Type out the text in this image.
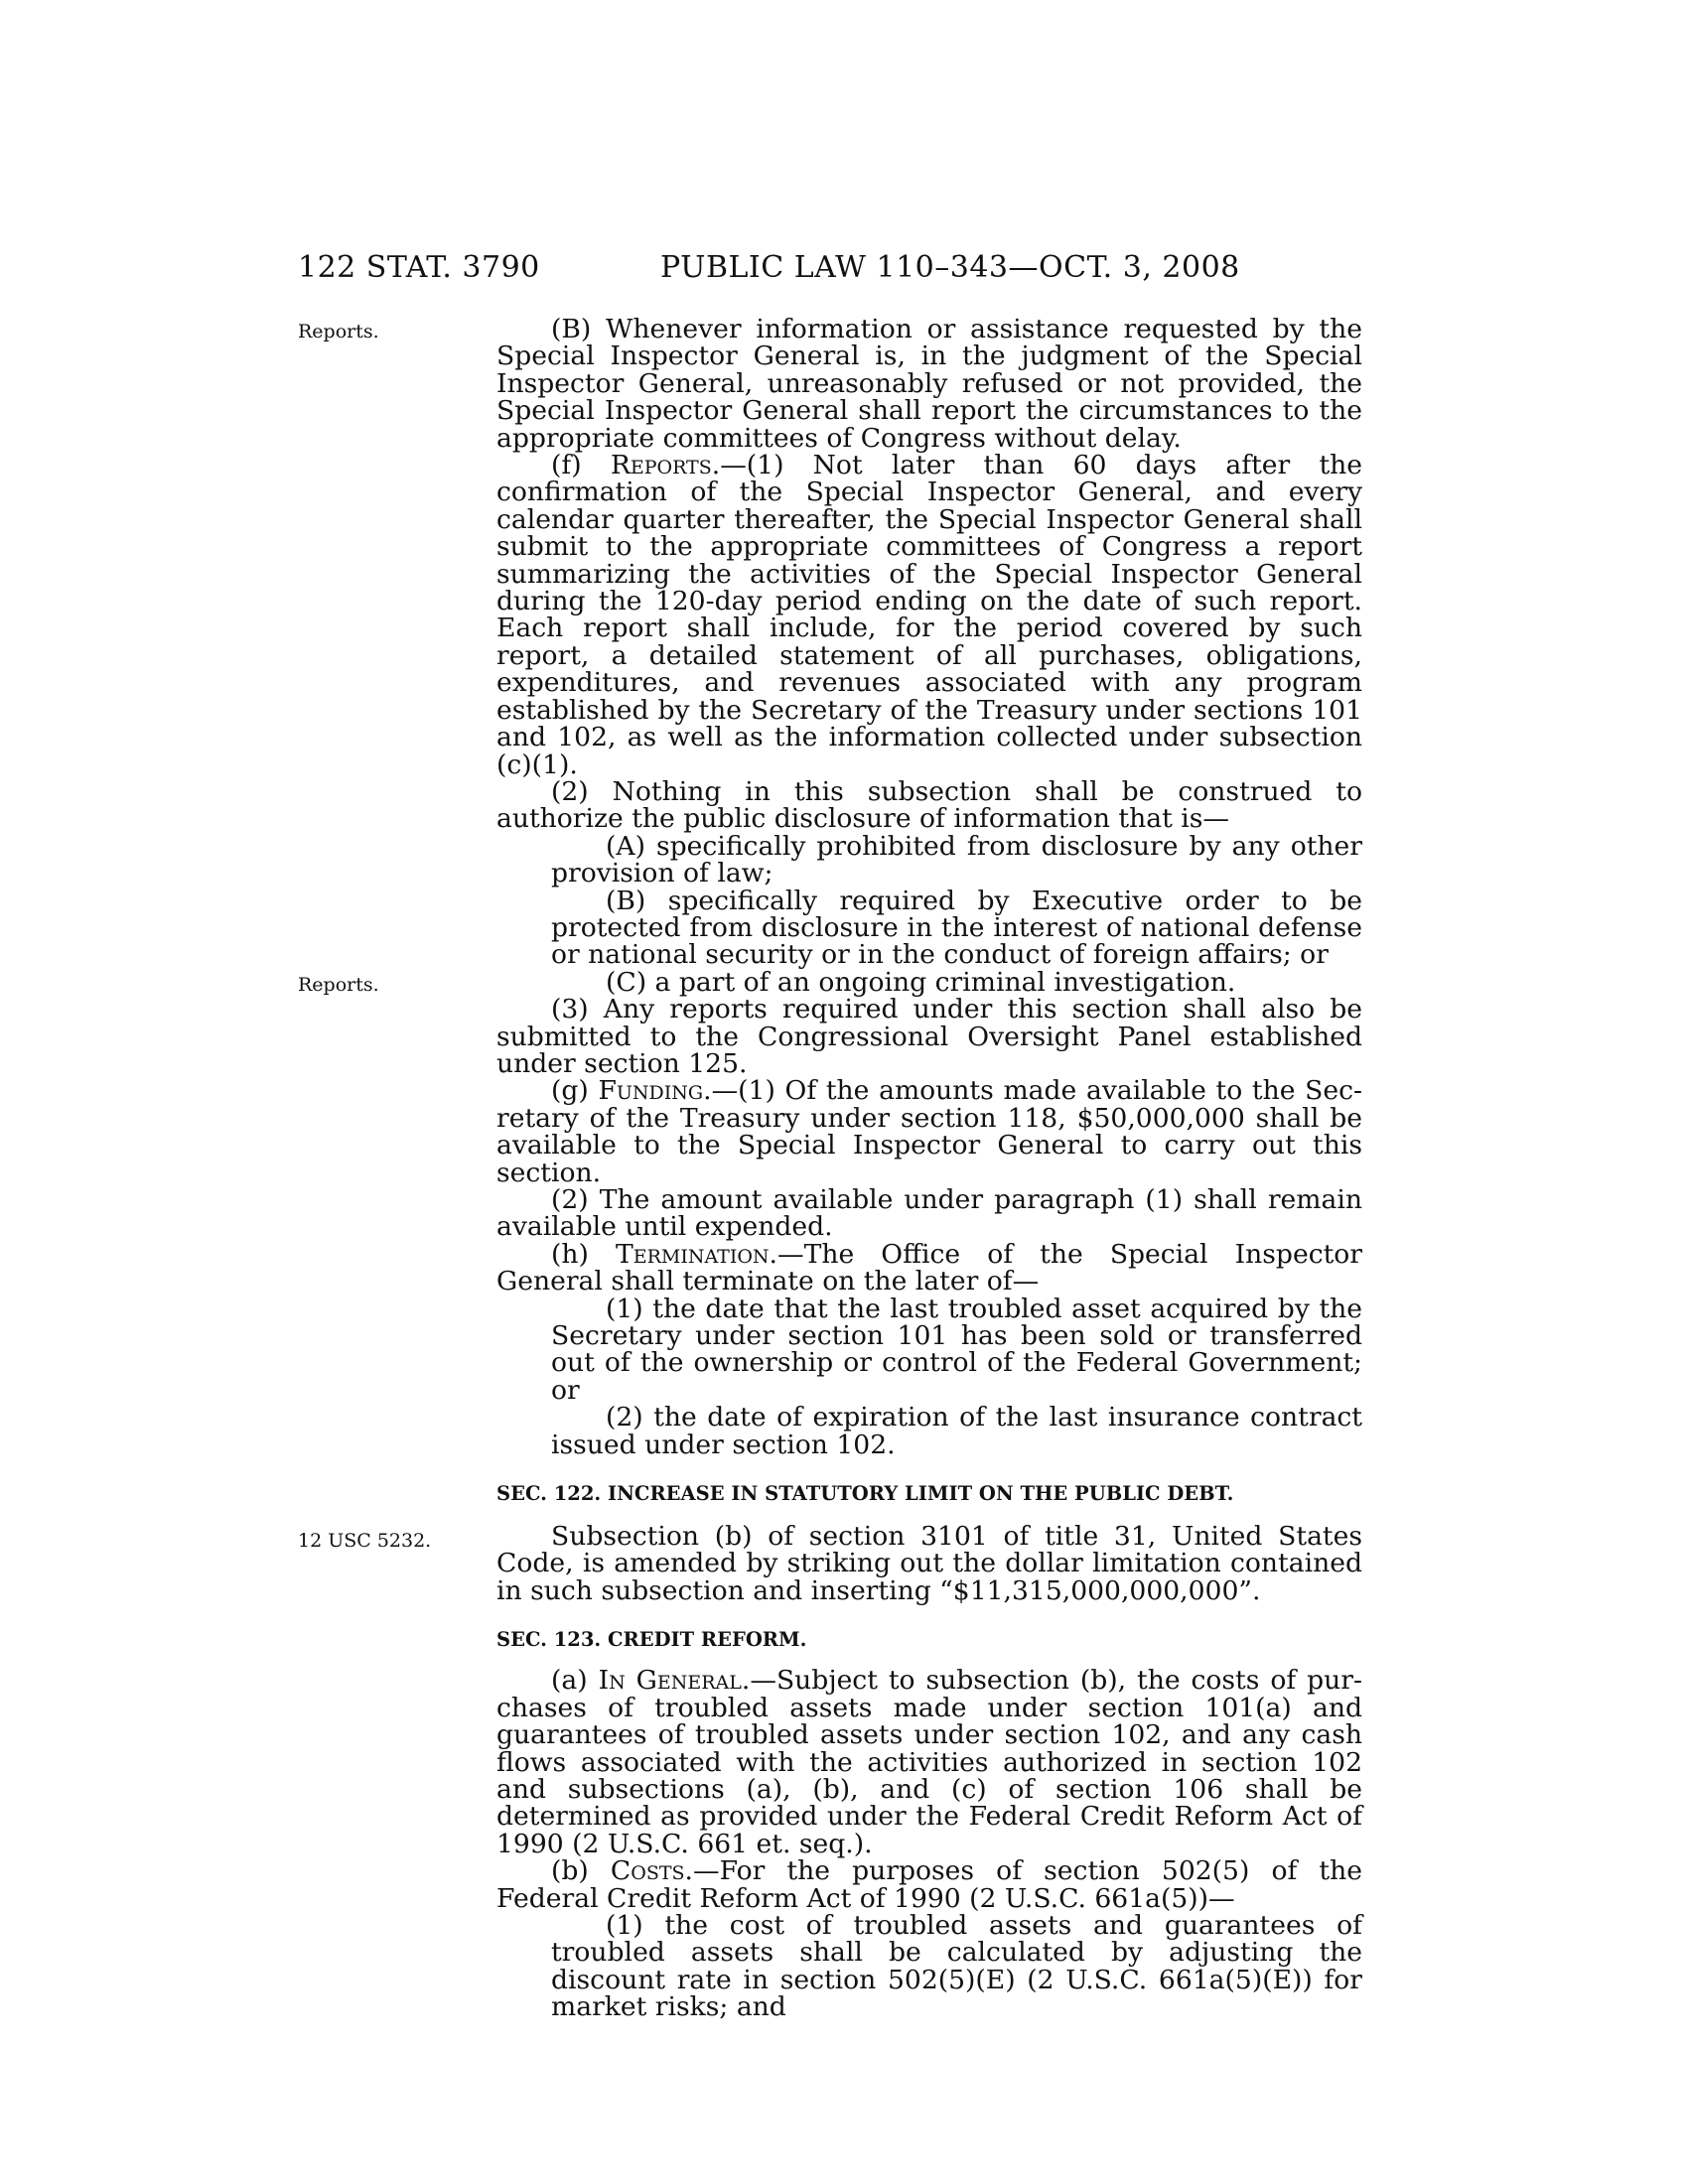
122 STAT. 3790	PUBLIC LAW 110–343—OCT. 3, 2008
Reports.
Reports.
12 USC 5232.

(B) Whenever information or assistance requested by the Special Inspector General is, in the judgment of the Special Inspector General, unreasonably refused or not provided, the Special Inspector General shall report the circumstances to the appropriate committees of Congress without delay.

(f) Reports.—(1) Not later than 60 days after the confirmation of the Special Inspector General, and every calendar quarter thereafter, the Special Inspector General shall submit to the appropriate committees of Congress a report summarizing the activities of the Special Inspector General during the 120-day period ending on the date of such report. Each report shall include, for the period covered by such report, a detailed statement of all purchases, obligations, expenditures, and revenues associated with any program established by the Secretary of the Treasury under sections 101 and 102, as well as the information collected under subsection (c)(1).

(2) Nothing in this subsection shall be construed to authorize the public disclosure of information that is—

(A) specifically prohibited from disclosure by any other provision of law;

(B) specifically required by Executive order to be protected from disclosure in the interest of national defense or national security or in the conduct of foreign affairs; or

(C) a part of an ongoing criminal investigation.

(3) Any reports required under this section shall also be submitted to the Congressional Oversight Panel established under section 125.

(g) Funding.—(1) Of the amounts made available to the Secretary of the Treasury under section 118, $50,000,000 shall be available to the Special Inspector General to carry out this section.

(2) The amount available under paragraph (1) shall remain available until expended.

(h) Termination.—The Office of the Special Inspector General shall terminate on the later of—

(1) the date that the last troubled asset acquired by the Secretary under section 101 has been sold or transferred out of the ownership or control of the Federal Government; or

(2) the date of expiration of the last insurance contract issued under section 102.

SEC. 122. INCREASE IN STATUTORY LIMIT ON THE PUBLIC DEBT.

Subsection (b) of section 3101 of title 31, United States Code, is amended by striking out the dollar limitation contained in such subsection and inserting “$11,315,000,000,000”.

SEC. 123. CREDIT REFORM.

(a) In General.—Subject to subsection (b), the costs of purchases of troubled assets made under section 101(a) and guarantees of troubled assets under section 102, and any cash flows associated with the activities authorized in section 102 and subsections (a), (b), and (c) of section 106 shall be determined as provided under the Federal Credit Reform Act of 1990 (2 U.S.C. 661 et. seq.).

(b) Costs.—For the purposes of section 502(5) of the Federal Credit Reform Act of 1990 (2 U.S.C. 661a(5))—

(1) the cost of troubled assets and guarantees of troubled assets shall be calculated by adjusting the discount rate in section 502(5)(E) (2 U.S.C. 661a(5)(E)) for market risks; and
